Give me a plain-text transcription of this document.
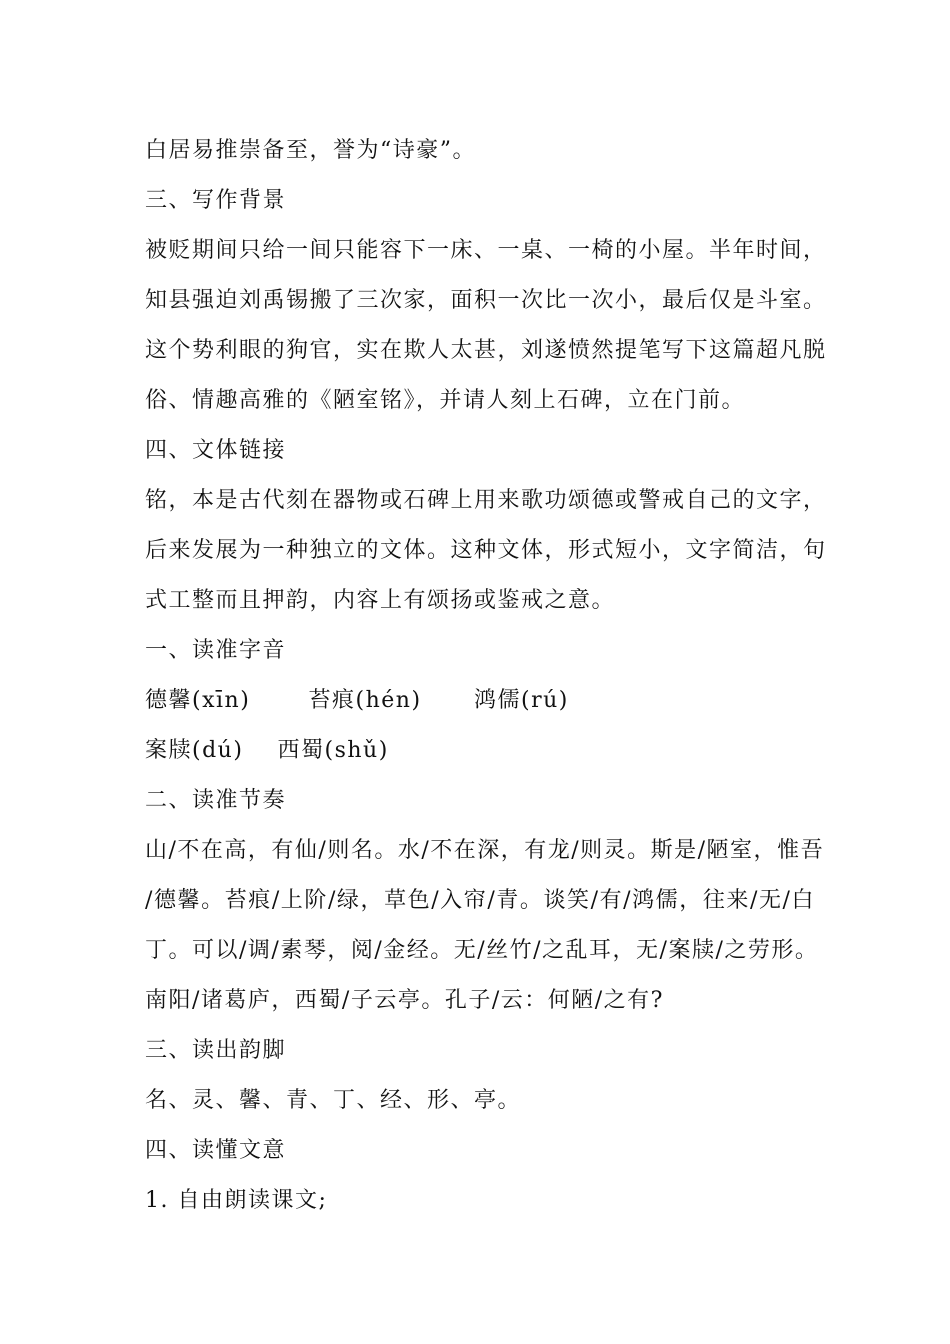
白居易推崇备至，誉为“诗豪”。
三、写作背景
被贬期间只给一间只能容下一床、一桌、一椅的小屋。半年时间，
知县强迫刘禹锡搬了三次家，面积一次比一次小，最后仅是斗室。
这个势利眼的狗官，实在欺人太甚，刘遂愤然提笔写下这篇超凡脱
俗、情趣高雅的《陋室铭》，并请人刻上石碑，立在门前。
四、文体链接
铭，本是古代刻在器物或石碑上用来歌功颂德或警戒自己的文字，
后来发展为一种独立的文体。这种文体，形式短小，文字简洁，句
式工整而且押韵，内容上有颂扬或鉴戒之意。
一、读准字音
德馨(xīn)	苔痕(hén) 鸿儒(rú)
案牍(dú) 西蜀(shǔ)
二、读准节奏
山/不在高，有仙/则名。水/不在深，有龙/则灵。斯是/陋室，惟吾
/德馨。苔痕/上阶/绿，草色/入帘/青。谈笑/有/鸿儒，往来/无/白
丁。可以/调/素琴，阅/金经。无/丝竹/之乱耳，无/案牍/之劳形。
南阳/诸葛庐，西蜀/子云亭。孔子/云：何陋/之有?
三、读出韵脚
名、灵、馨、青、丁、经、形、亭。
四、读懂文意
1. 自由朗读课文;
